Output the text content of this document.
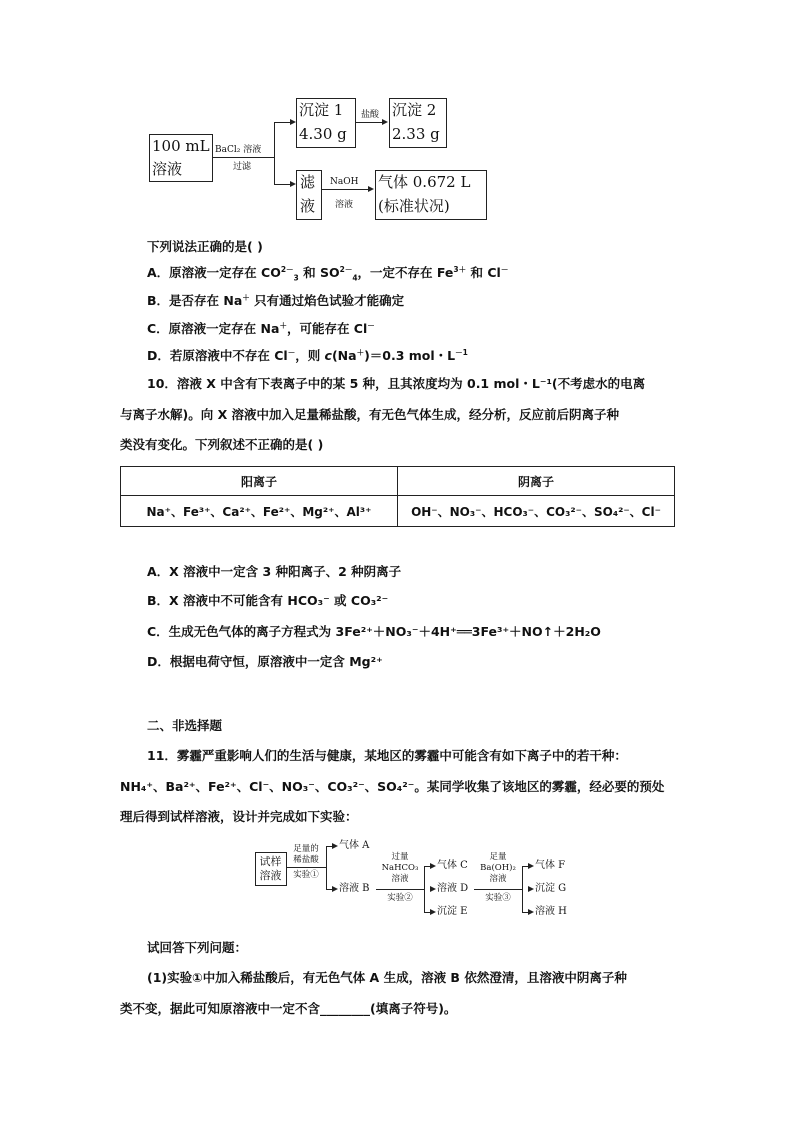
100 mL
溶液
BaCl₂ 溶液
过滤
沉淀 1
4.30 g
盐酸 沉淀 2
2.33 g
滤
液
NaOH
溶液
气体 0.672 L
(标准状况)
下列说法正确的是( )
A．原溶液一定存在 $CO^{2-}_3$ 和 $SO^{2-}_4$，一定不存在 $Fe^{3+}$ 和 Cl－
B．是否存在 Na＋ 只有通过焰色试验才能确定
C．原溶液一定存在 Na＋，可能存在 Cl－
D．若原溶液中不存在 Cl－，则 c(Na＋)＝0.3 mol・$L^{-1}$
10．溶液 X 中含有下表离子中的某 5 种，且其浓度均为 0.1 mol・L⁻¹(不考虑水的电离
与离子水解)。向 X 溶液中加入足量稀盐酸，有无色气体生成，经分析，反应前后阴离子种
类没有变化。下列叙述不正确的是( )
阳离子	阴离子
Na⁺、Fe³⁺、Ca²⁺、Fe²⁺、Mg²⁺、Al³⁺	OH⁻、NO₃⁻、HCO₃⁻、CO₃²⁻、SO₄²⁻、Cl⁻
A．X 溶液中一定含 3 种阳离子、2 种阴离子
B．X 溶液中不可能含有 HCO₃⁻ 或 CO₃²⁻
C．生成无色气体的离子方程式为 3Fe²⁺＋NO₃⁻＋4H⁺══3Fe³⁺＋NO↑＋2H₂O
D．根据电荷守恒，原溶液中一定含 Mg²⁺
二、非选择题
11．雾霾严重影响人们的生活与健康，某地区的雾霾中可能含有如下离子中的若干种：
NH₄⁺、Ba²⁺、Fe²⁺、Cl⁻、NO₃⁻、CO₃²⁻、SO₄²⁻。某同学收集了该地区的雾霾，经必要的预处
理后得到试样溶液，设计并完成如下实验：
试样
溶液
足量的
稀盐酸
实验①
气体 A
溶液 B
过量
NaHCO₃
溶液
实验②
气体 C
溶液 D
沉淀 E
足量
Ba(OH)₂
溶液
实验③
气体 F
沉淀 G
溶液 H
试回答下列问题：
(1)实验①中加入稀盐酸后，有无色气体 A 生成，溶液 B 依然澄清，且溶液中阴离子种
类不变，据此可知原溶液中一定不含________(填离子符号)。
